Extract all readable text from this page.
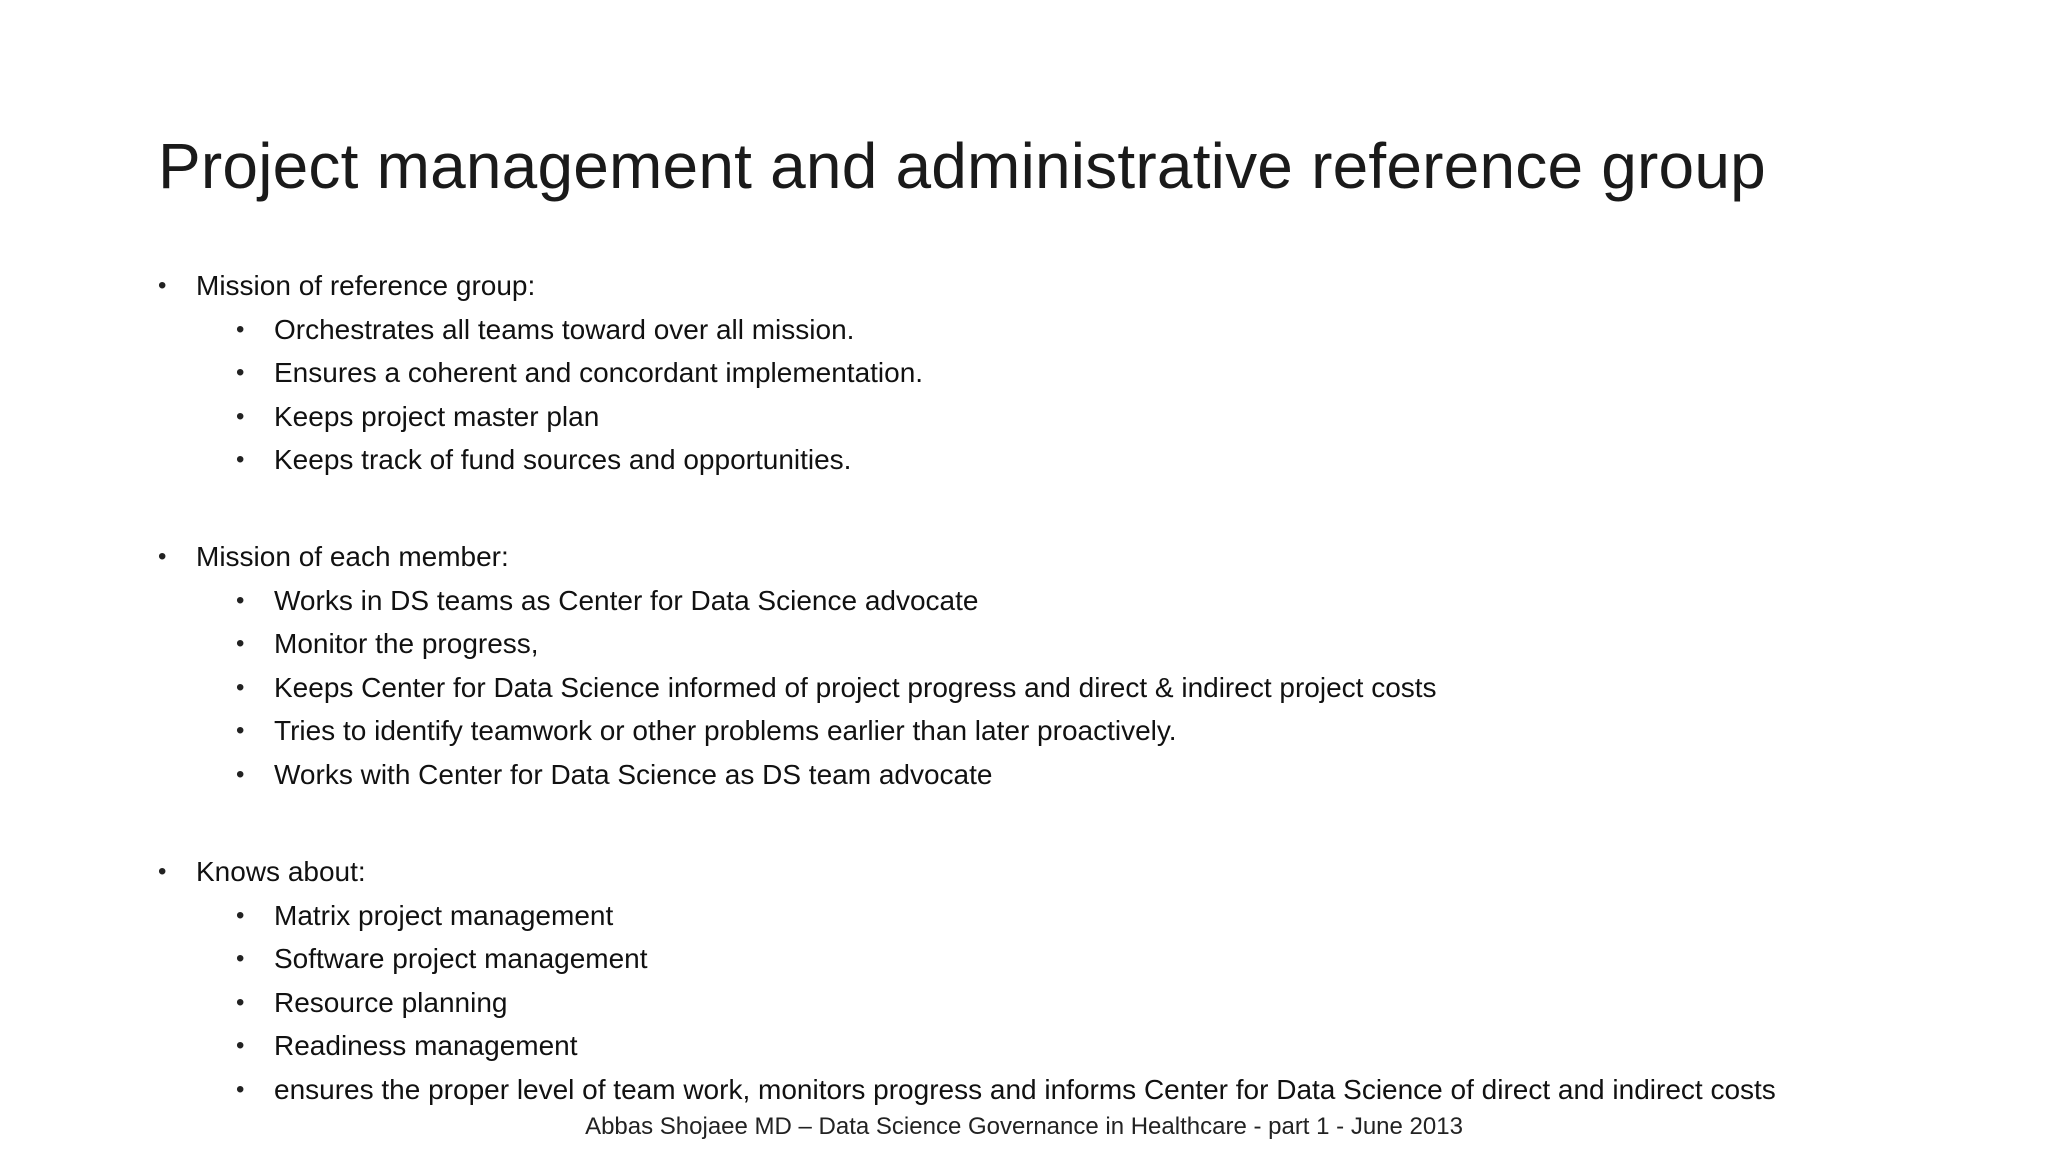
Project management and administrative reference group
• Mission of reference group:
• Orchestrates all teams toward over all mission.
• Ensures a coherent and concordant implementation.
• Keeps project master plan
• Keeps track of fund sources and opportunities.
• Mission of each member:
• Works in DS teams as Center for Data Science advocate
• Monitor the progress,
• Keeps Center for Data Science informed of project progress and direct & indirect project costs
• Tries to identify teamwork or other problems earlier than later proactively.
• Works with Center for Data Science as DS team advocate
• Knows about:
• Matrix project management
• Software project management
• Resource planning
• Readiness management
• ensures the proper level of team work, monitors progress and informs Center for Data Science of direct and indirect costs
Abbas Shojaee MD – Data Science Governance in Healthcare - part 1 - June 2013
